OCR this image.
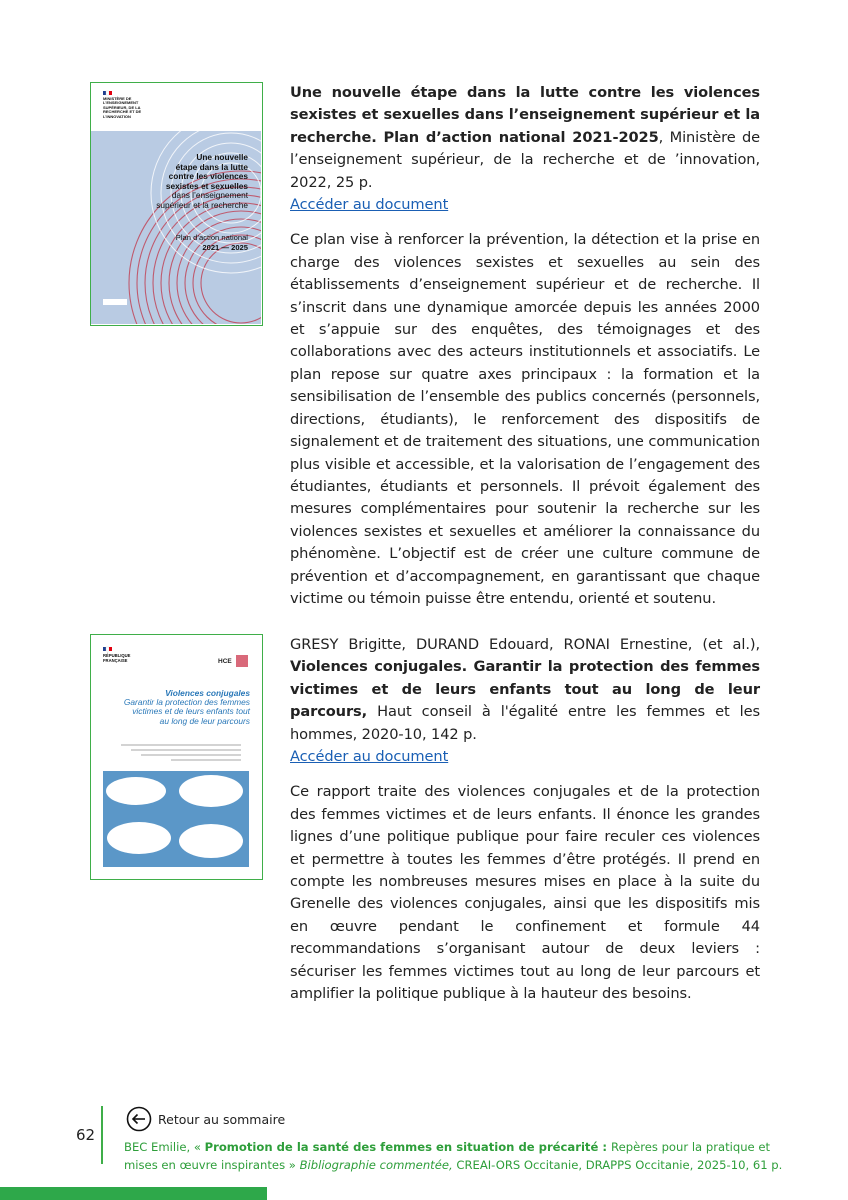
MINISTÈRE DE L’ENSEIGNEMENT SUPÉRIEUR, DE LA RECHERCHE ET DE L’INNOVATION
Une nouvelle
étape dans la lutte
contre les violences
sexistes et sexuelles
dans l’enseignement
supérieur et la recherche
Plan d’action national
2021 — 2025

Une nouvelle étape dans la lutte contre les violences sexistes et sexuelles dans l’enseignement supérieur et la recherche. Plan d’action national 2021-2025, Ministère de l’enseignement supérieur, de la recherche et de ’innovation, 2022, 25 p.

Accéder au document

Ce plan vise à renforcer la prévention, la détection et la prise en charge des violences sexistes et sexuelles au sein des établissements d’enseignement supérieur et de recherche. Il s’inscrit dans une dynamique amorcée depuis les années 2000 et s’appuie sur des enquêtes, des témoignages et des collaborations avec des acteurs institutionnels et associatifs. Le plan repose sur quatre axes principaux : la formation et la sensibilisation de l’ensemble des publics concernés (personnels, directions, étudiants), le renforcement des dispositifs de signalement et de traitement des situations, une communication plus visible et accessible, et la valorisation de l’engagement des étudiantes, étudiants et personnels. Il prévoit également des mesures complémentaires pour soutenir la recherche sur les violences sexistes et sexuelles et améliorer la connaissance du phénomène. L’objectif est de créer une culture commune de prévention et d’accompagnement, en garantissant que chaque victime ou témoin puisse être entendu, orienté et soutenu.

RÉPUBLIQUE FRANÇAISE	HCE
Violences conjugales
Garantir la protection des femmes
victimes et de leurs enfants tout
au long de leur parcours

GRESY Brigitte, DURAND Edouard, RONAI Ernestine, (et al.), Violences conjugales. Garantir la protection des femmes victimes et de leurs enfants tout au long de leur parcours, Haut conseil à l'égalité entre les femmes et les hommes, 2020-10, 142 p.

Accéder au document

Ce rapport traite des violences conjugales et de la protection des femmes victimes et de leurs enfants. Il énonce les grandes lignes d’une politique publique pour faire reculer ces violences et permettre à toutes les femmes d’être protégés. Il prend en compte les nombreuses mesures mises en place à la suite du Grenelle des violences conjugales, ainsi que les dispositifs mis en œuvre pendant le confinement et formule 44 recommandations s’organisant autour de deux leviers : sécuriser les femmes victimes tout au long de leur parcours et amplifier la politique publique à la hauteur des besoins.

62
Retour au sommaire
BEC Emilie, « Promotion de la santé des femmes en situation de précarité : Repères pour la pratique et mises en œuvre inspirantes » Bibliographie commentée, CREAI-ORS Occitanie, DRAPPS Occitanie, 2025-10, 61 p.
